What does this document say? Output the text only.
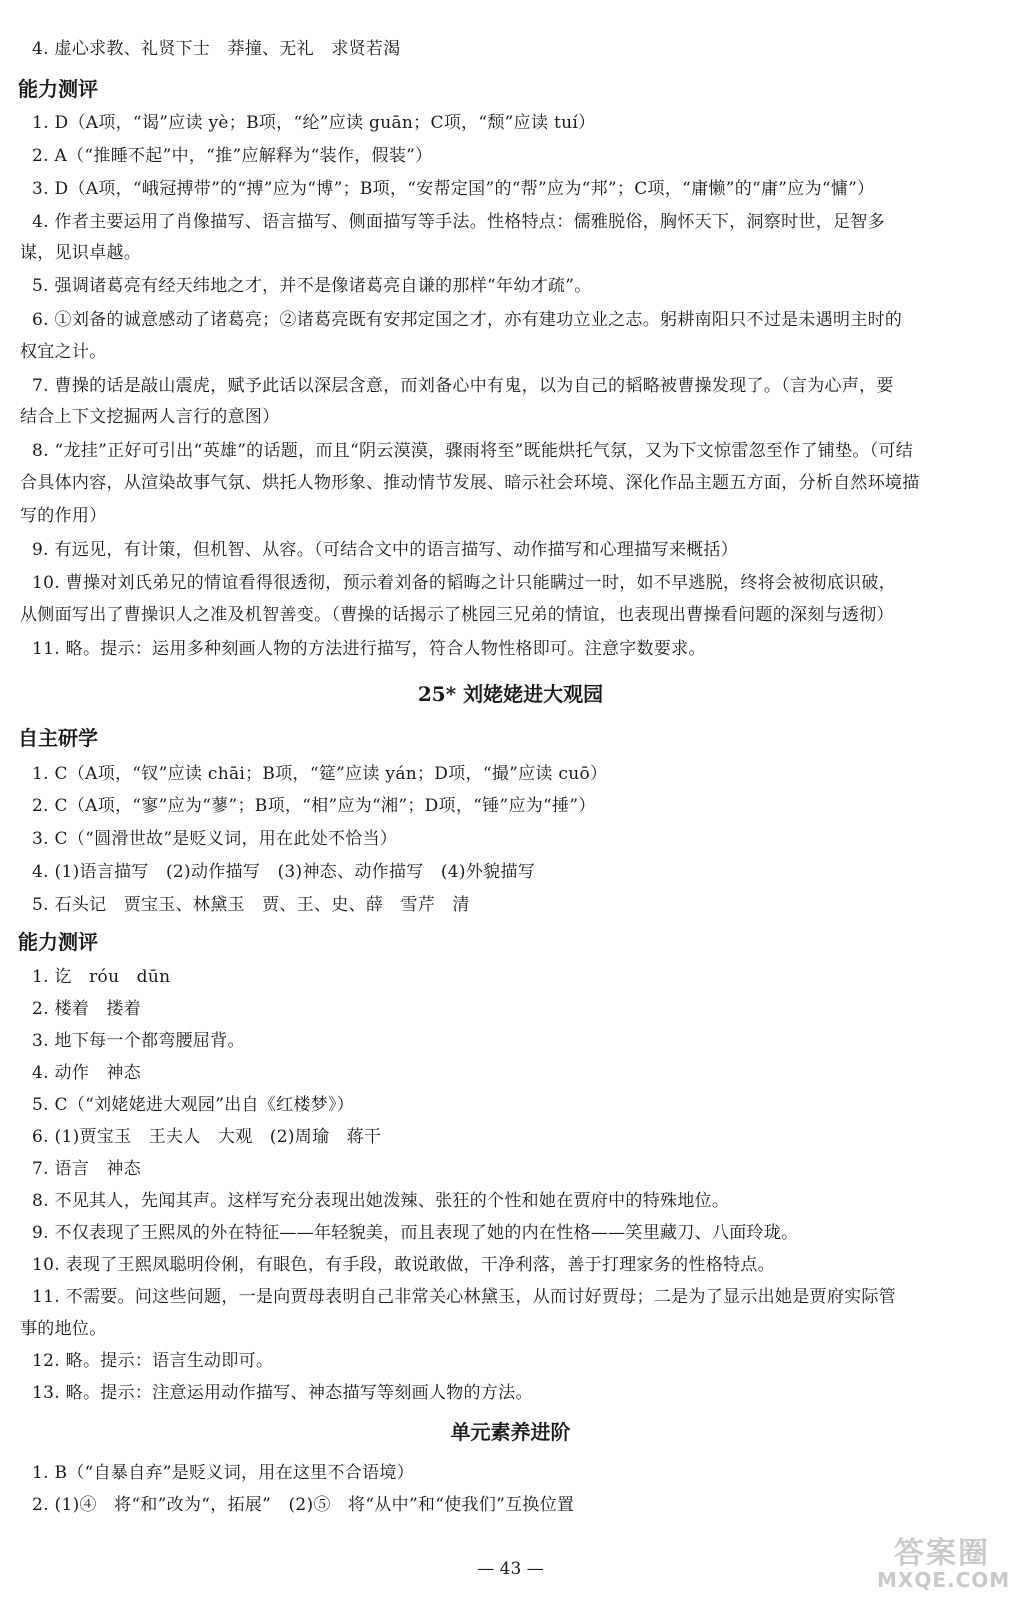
4. 虚心求教、礼贤下士　莽撞、无礼　求贤若渴
能力测评
1. D（A项，“谒”应读 yè；B项，“纶”应读 guān；C项，“颓”应读 tuí）
2. A（“推睡不起”中，“推”应解释为“装作，假装”）
3. D（A项，“峨冠搏带”的“搏”应为“博”；B项，“安帮定国”的“帮”应为“邦”；C项，“庸懒”的“庸”应为“慵”）
4. 作者主要运用了肖像描写、语言描写、侧面描写等手法。性格特点：儒雅脱俗，胸怀天下，洞察时世，足智多
谋，见识卓越。
5. 强调诸葛亮有经天纬地之才，并不是像诸葛亮自谦的那样“年幼才疏”。
6. ①刘备的诚意感动了诸葛亮；②诸葛亮既有安邦定国之才，亦有建功立业之志。躬耕南阳只不过是未遇明主时的
权宜之计。
7. 曹操的话是敲山震虎，赋予此话以深层含意，而刘备心中有鬼，以为自己的韬略被曹操发现了。（言为心声，要
结合上下文挖掘两人言行的意图）
8. “龙挂”正好可引出“英雄”的话题，而且“阴云漠漠，骤雨将至”既能烘托气氛，又为下文惊雷忽至作了铺垫。（可结
合具体内容，从渲染故事气氛、烘托人物形象、推动情节发展、暗示社会环境、深化作品主题五方面，分析自然环境描
写的作用）
9. 有远见，有计策，但机智、从容。（可结合文中的语言描写、动作描写和心理描写来概括）
10. 曹操对刘氏弟兄的情谊看得很透彻，预示着刘备的韬晦之计只能瞒过一时，如不早逃脱，终将会被彻底识破，
从侧面写出了曹操识人之准及机智善变。（曹操的话揭示了桃园三兄弟的情谊，也表现出曹操看问题的深刻与透彻）
11. 略。提示：运用多种刻画人物的方法进行描写，符合人物性格即可。注意字数要求。
25* 刘姥姥进大观园
自主研学
1. C（A项，“钗”应读 chāi；B项，“筵”应读 yán；D项，“撮”应读 cuō）
2. C（A项，“寥”应为“蓼”；B项，“相”应为“湘”；D项，“锤”应为“捶”）
3. C（“圆滑世故”是贬义词，用在此处不恰当）
4. (1)语言描写　(2)动作描写　(3)神态、动作描写　(4)外貌描写
5. 石头记　贾宝玉、林黛玉　贾、王、史、薛　雪芹　清
能力测评
1. 讫　róu　dūn
2. 楼着　搂着
3. 地下每一个都弯腰屈背。
4. 动作　神态
5. C（“刘姥姥进大观园”出自《红楼梦》）
6. (1)贾宝玉　王夫人　大观　(2)周瑜　蒋干
7. 语言　神态
8. 不见其人，先闻其声。这样写充分表现出她泼辣、张狂的个性和她在贾府中的特殊地位。
9. 不仅表现了王熙凤的外在特征——年轻貌美，而且表现了她的内在性格——笑里藏刀、八面玲珑。
10. 表现了王熙凤聪明伶俐，有眼色，有手段，敢说敢做，干净利落，善于打理家务的性格特点。
11. 不需要。问这些问题，一是向贾母表明自己非常关心林黛玉，从而讨好贾母；二是为了显示出她是贾府实际管
事的地位。
12. 略。提示：语言生动即可。
13. 略。提示：注意运用动作描写、神态描写等刻画人物的方法。
单元素养进阶
1. B（“自暴自弃”是贬义词，用在这里不合语境）
2. (1)④　将“和”改为“，拓展”　(2)⑤　将“从中”和“使我们”互换位置
— 43 —	答案圈
MXQE.COM
